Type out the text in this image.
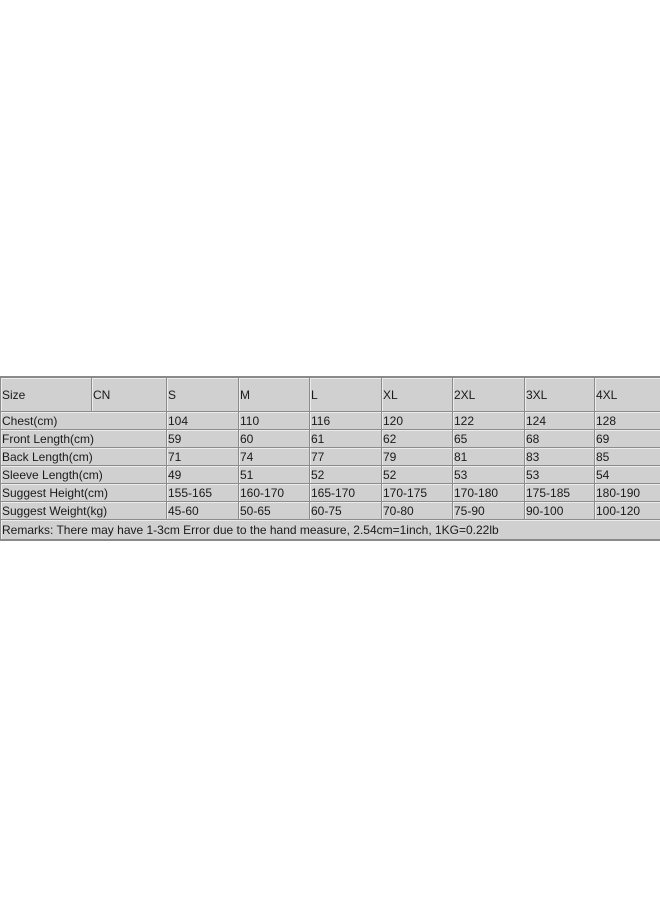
Size	CN	S	M	L	XL	2XL	3XL	4XL
Chest(cm)		104	110	116	120	122	124	128
Front Length(cm)		59	60	61	62	65	68	69
Back Length(cm)		71	74	77	79	81	83	85
Sleeve Length(cm)		49	51	52	52	53	53	54
Suggest Height(cm)		155-165	160-170	165-170	170-175	170-180	175-185	180-190
Suggest Weight(kg)		45-60	50-65	60-75	70-80	75-90	90-100	100-120
Remarks: There may have 1-3cm Error due to the hand measure, 2.54cm=1inch, 1KG=0.22lb								
